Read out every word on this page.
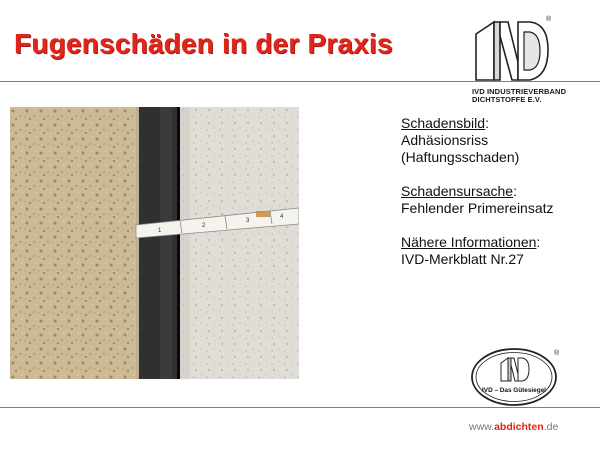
Fugenschäden in der Praxis
®
IVD INDUSTRIEVERBAND
DICHTSTOFFE E.V.
1
2
3
4
Schadensbild:
Adhäsionsriss
(Haftungsschaden)
Schadensursache:
Fehlender Primereinsatz
Nähere Informationen:
IVD-Merkblatt Nr.27
®
IVD – Das Gütesiegel
www.abdichten.de
